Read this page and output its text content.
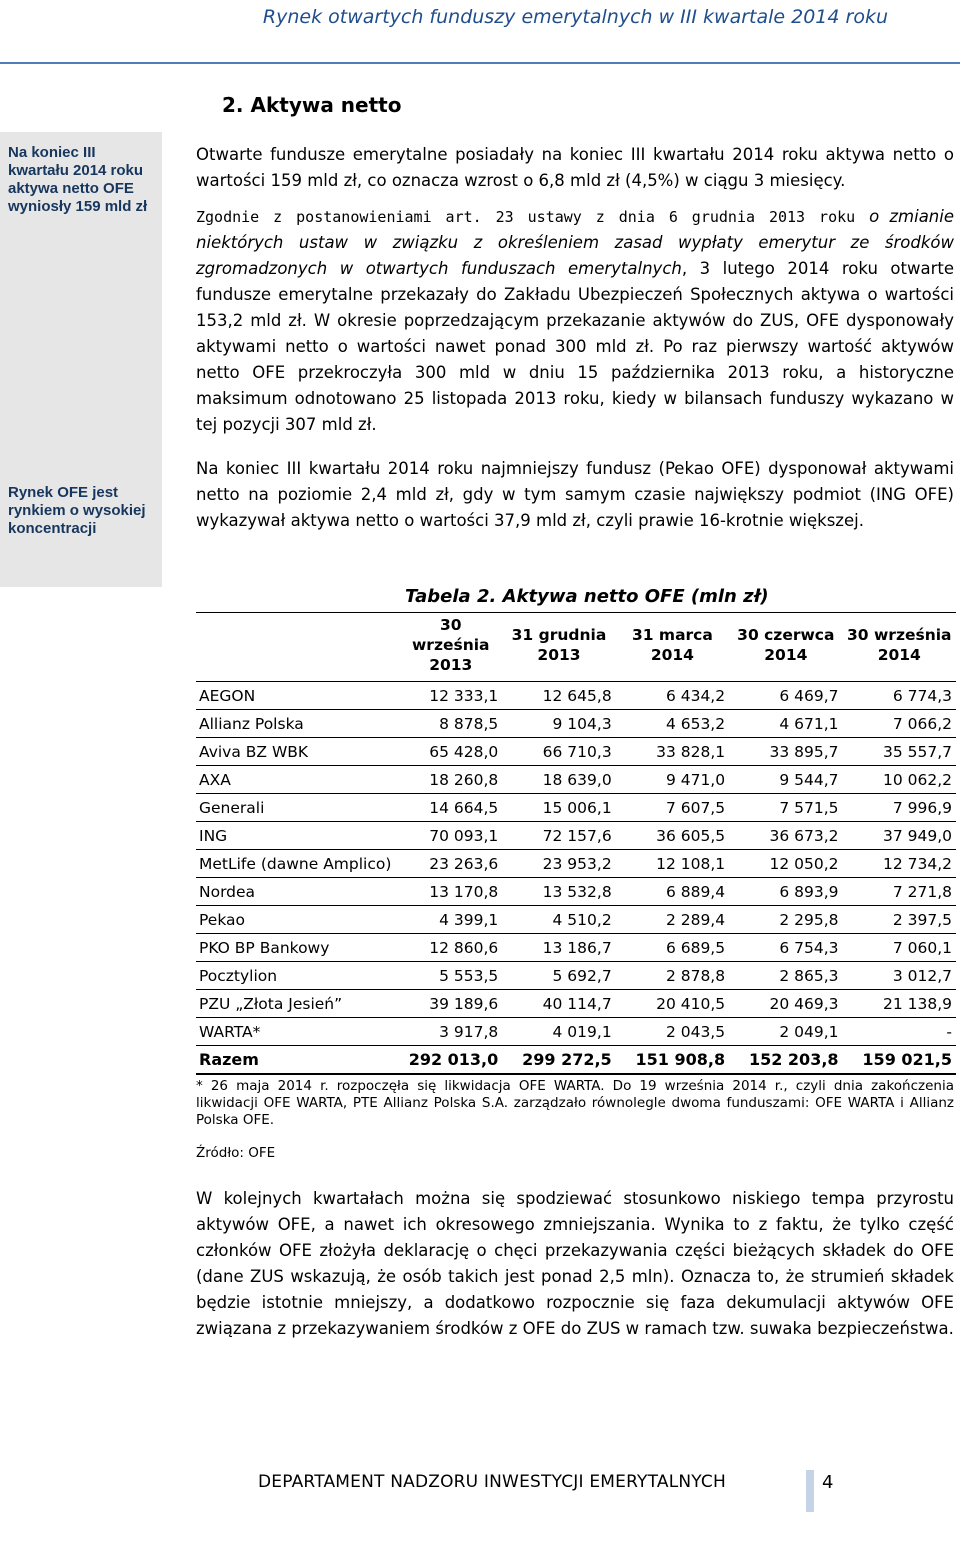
Rynek otwartych funduszy emerytalnych w III kwartale 2014 roku
2. Aktywa netto
Na koniec III kwartału 2014 roku aktywa netto OFE wyniosły 159 mld zł
Rynek OFE jest rynkiem o wysokiej koncentracji

Otwarte fundusze emerytalne posiadały na koniec III kwartału 2014 roku aktywa netto o wartości 159 mld zł, co oznacza wzrost o 6,8 mld zł (4,5%) w ciągu 3 miesięcy.

Zgodnie z postanowieniami art. 23 ustawy z dnia 6 grudnia 2013 roku o zmianie niektórych ustaw w związku z określeniem zasad wypłaty emerytur ze środków zgromadzonych w otwartych funduszach emerytalnych, 3 lutego 2014 roku otwarte fundusze emerytalne przekazały do Zakładu Ubezpieczeń Społecznych aktywa o wartości 153,2 mld zł. W okresie poprzedzającym przekazanie aktywów do ZUS, OFE dysponowały aktywami netto o wartości nawet ponad 300 mld zł. Po raz pierwszy wartość aktywów netto OFE przekroczyła 300 mld w dniu 15 października 2013 roku, a historyczne maksimum odnotowano 25 listopada 2013 roku, kiedy w bilansach funduszy wykazano w tej pozycji 307 mld zł.

Na koniec III kwartału 2014 roku najmniejszy fundusz (Pekao OFE) dysponował aktywami netto na poziomie 2,4 mld zł, gdy w tym samym czasie największy podmiot (ING OFE) wykazywał aktywa netto o wartości 37,9 mld zł, czyli prawie 16-krotnie większej.

Tabela 2. Aktywa netto OFE (mln zł)
	30 września 2013	31 grudnia 2013	31 marca 2014	30 czerwca 2014	30 września 2014
AEGON	12 333,1	12 645,8	6 434,2	6 469,7	6 774,3
Allianz Polska	8 878,5	9 104,3	4 653,2	4 671,1	7 066,2
Aviva BZ WBK	65 428,0	66 710,3	33 828,1	33 895,7	35 557,7
AXA	18 260,8	18 639,0	9 471,0	9 544,7	10 062,2
Generali	14 664,5	15 006,1	7 607,5	7 571,5	7 996,9
ING	70 093,1	72 157,6	36 605,5	36 673,2	37 949,0
MetLife (dawne Amplico)	23 263,6	23 953,2	12 108,1	12 050,2	12 734,2
Nordea	13 170,8	13 532,8	6 889,4	6 893,9	7 271,8
Pekao	4 399,1	4 510,2	2 289,4	2 295,8	2 397,5
PKO BP Bankowy	12 860,6	13 186,7	6 689,5	6 754,3	7 060,1
Pocztylion	5 553,5	5 692,7	2 878,8	2 865,3	3 012,7
PZU „Złota Jesień”	39 189,6	40 114,7	20 410,5	20 469,3	21 138,9
WARTA*	3 917,8	4 019,1	2 043,5	2 049,1	-
Razem	292 013,0	299 272,5	151 908,8	152 203,8	159 021,5

* 26 maja 2014 r. rozpoczęła się likwidacja OFE WARTA. Do 19 września 2014 r., czyli dnia zakończenia likwidacji OFE WARTA, PTE Allianz Polska S.A. zarządzało równolegle dwoma funduszami: OFE WARTA i Allianz Polska OFE.

Źródło: OFE

W kolejnych kwartałach można się spodziewać stosunkowo niskiego tempa przyrostu aktywów OFE, a nawet ich okresowego zmniejszania. Wynika to z faktu, że tylko część członków OFE złożyła deklarację o chęci przekazywania części bieżących składek do OFE (dane ZUS wskazują, że osób takich jest ponad 2,5 mln). Oznacza to, że strumień składek będzie istotnie mniejszy, a dodatkowo rozpocznie się faza dekumulacji aktywów OFE związana z przekazywaniem środków z OFE do ZUS w ramach tzw. suwaka bezpieczeństwa.

DEPARTAMENT NADZORU INWESTYCJI EMERYTALNYCH	4
